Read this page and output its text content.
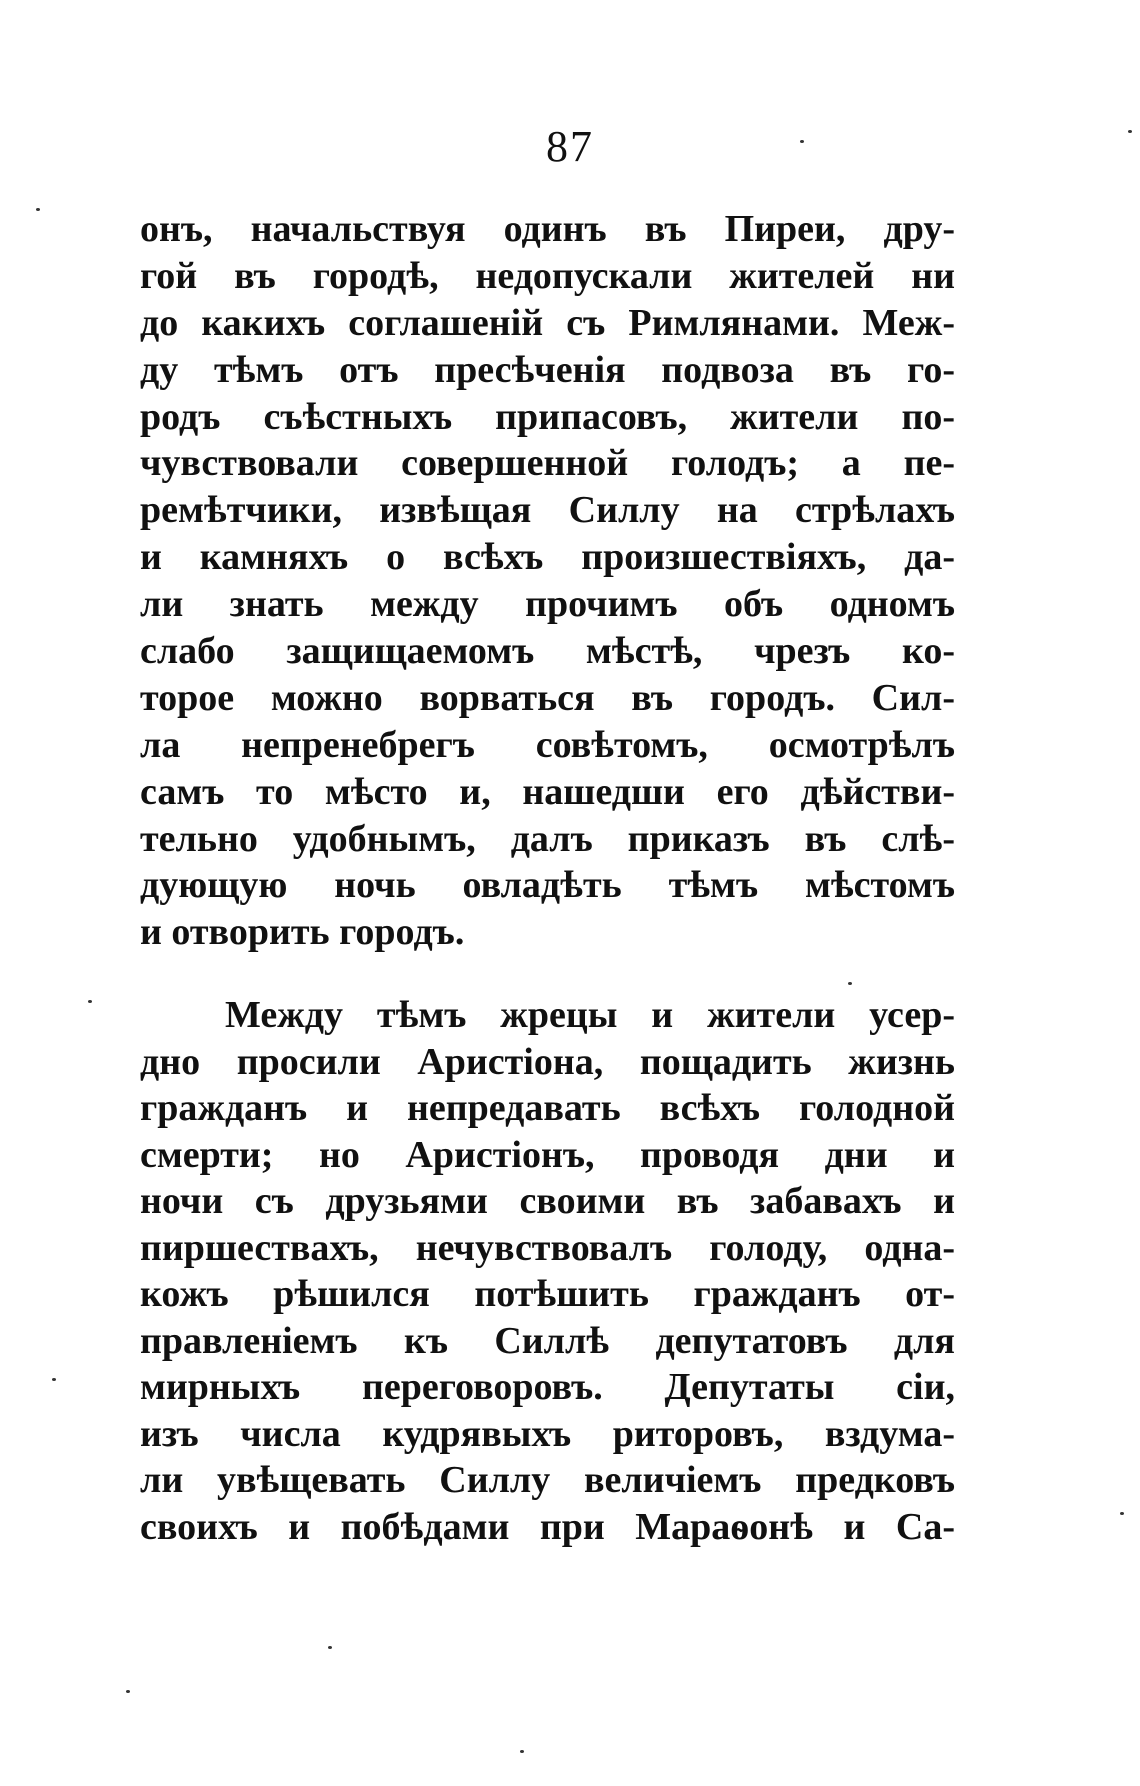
87
онъ, начальствуя одинъ въ Пиреи, дру-
гой въ городѣ, недопускали жителей ни
до какихъ соглашеній съ Римлянами. Меж-
ду тѣмъ отъ пресѣченія подвоза въ го-
родъ съѣстныхъ припасовъ, жители по-
чувствовали совершенной голодъ; а пе-
ремѣтчики, извѣщая Силлу на стрѣлахъ
и камняхъ о всѣхъ произшествіяхъ, да-
ли знать между прочимъ объ одномъ
слабо защищаемомъ мѣстѣ, чрезъ ко-
торое можно ворваться въ городъ. Сил-
ла непренебрегъ совѣтомъ, осмотрѣлъ
самъ то мѣсто и, нашедши его дѣйстви-
тельно удобнымъ, далъ приказъ въ слѣ-
дующую ночь овладѣть тѣмъ мѣстомъ
и отворить городъ.
Между тѣмъ жрецы и жители усер-
дно просили Аристіона, пощадить жизнь
гражданъ и непредавать всѣхъ голодной
смерти; но Аристіонъ, проводя дни и
ночи съ друзьями своими въ забавахъ и
пиршествахъ, нечувствовалъ голоду, одна-
кожъ рѣшился потѣшить гражданъ от-
правленіемъ къ Силлѣ депутатовъ для
мирныхъ переговоровъ. Депутаты сіи,
изъ числа кудрявыхъ риторовъ, вздума-
ли увѣщевать Силлу величіемъ предковъ
своихъ и побѣдами при Мараѳонѣ и Са-
